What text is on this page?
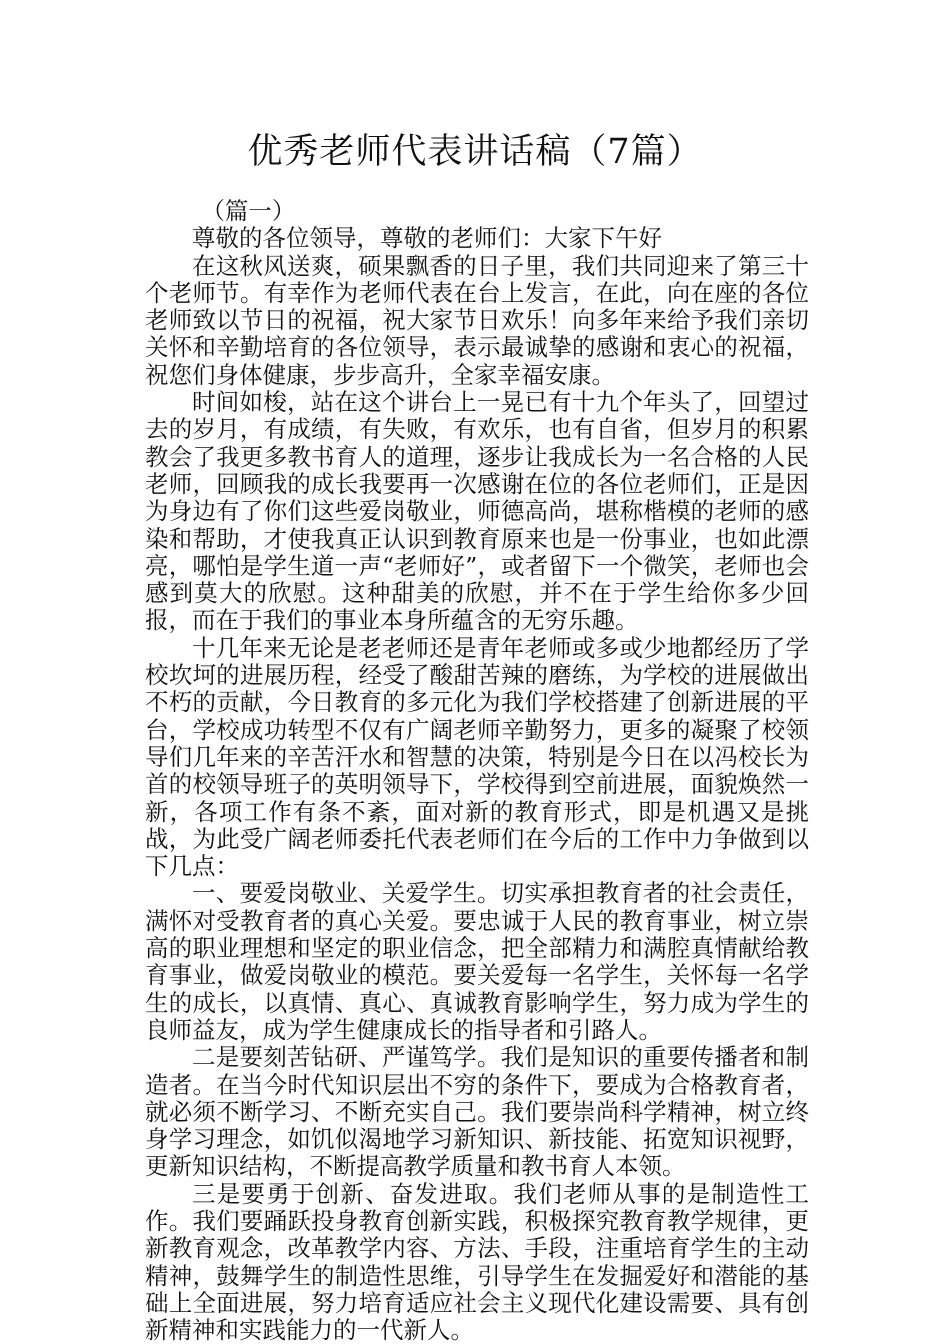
优秀老师代表讲话稿（7篇）

（篇一）

尊敬的各位领导，尊敬的老师们：大家下午好

在这秋风送爽，硕果飘香的日子里，我们共同迎来了第三十个老师节。有幸作为老师代表在台上发言，在此，向在座的各位老师致以节日的祝福，祝大家节日欢乐！向多年来给予我们亲切关怀和辛勤培育的各位领导，表示最诚挚的感谢和衷心的祝福，祝您们身体健康，步步高升，全家幸福安康。

时间如梭，站在这个讲台上一晃已有十九个年头了，回望过去的岁月，有成绩，有失败，有欢乐，也有自省，但岁月的积累教会了我更多教书育人的道理，逐步让我成长为一名合格的人民老师，回顾我的成长我要再一次感谢在位的各位老师们，正是因为身边有了你们这些爱岗敬业，师德高尚，堪称楷模的老师的感染和帮助，才使我真正认识到教育原来也是一份事业，也如此漂亮，哪怕是学生道一声“老师好”，或者留下一个微笑，老师也会感到莫大的欣慰。这种甜美的欣慰，并不在于学生给你多少回报，而在于我们的事业本身所蕴含的无穷乐趣。

十几年来无论是老老师还是青年老师或多或少地都经历了学校坎坷的进展历程，经受了酸甜苦辣的磨练，为学校的进展做出不朽的贡献，今日教育的多元化为我们学校搭建了创新进展的平台，学校成功转型不仅有广阔老师辛勤努力，更多的凝聚了校领导们几年来的辛苦汗水和智慧的决策，特别是今日在以冯校长为首的校领导班子的英明领导下，学校得到空前进展，面貌焕然一新，各项工作有条不紊，面对新的教育形式，即是机遇又是挑战，为此受广阔老师委托代表老师们在今后的工作中力争做到以下几点：

一、要爱岗敬业、关爱学生。切实承担教育者的社会责任，满怀对受教育者的真心关爱。要忠诚于人民的教育事业，树立崇高的职业理想和坚定的职业信念，把全部精力和满腔真情献给教育事业，做爱岗敬业的模范。要关爱每一名学生，关怀每一名学生的成长，以真情、真心、真诚教育影响学生，努力成为学生的良师益友，成为学生健康成长的指导者和引路人。

二是要刻苦钻研、严谨笃学。我们是知识的重要传播者和制造者。在当今时代知识层出不穷的条件下，要成为合格教育者，就必须不断学习、不断充实自己。我们要崇尚科学精神，树立终身学习理念，如饥似渴地学习新知识、新技能、拓宽知识视野，更新知识结构，不断提高教学质量和教书育人本领。

三是要勇于创新、奋发进取。我们老师从事的是制造性工作。我们要踊跃投身教育创新实践，积极探究教育教学规律，更新教育观念，改革教学内容、方法、手段，注重培育学生的主动精神，鼓舞学生的制造性思维，引导学生在发掘爱好和潜能的基础上全面进展，努力培育适应社会主义现代化建设需要、具有创新精神和实践能力的一代新人。
